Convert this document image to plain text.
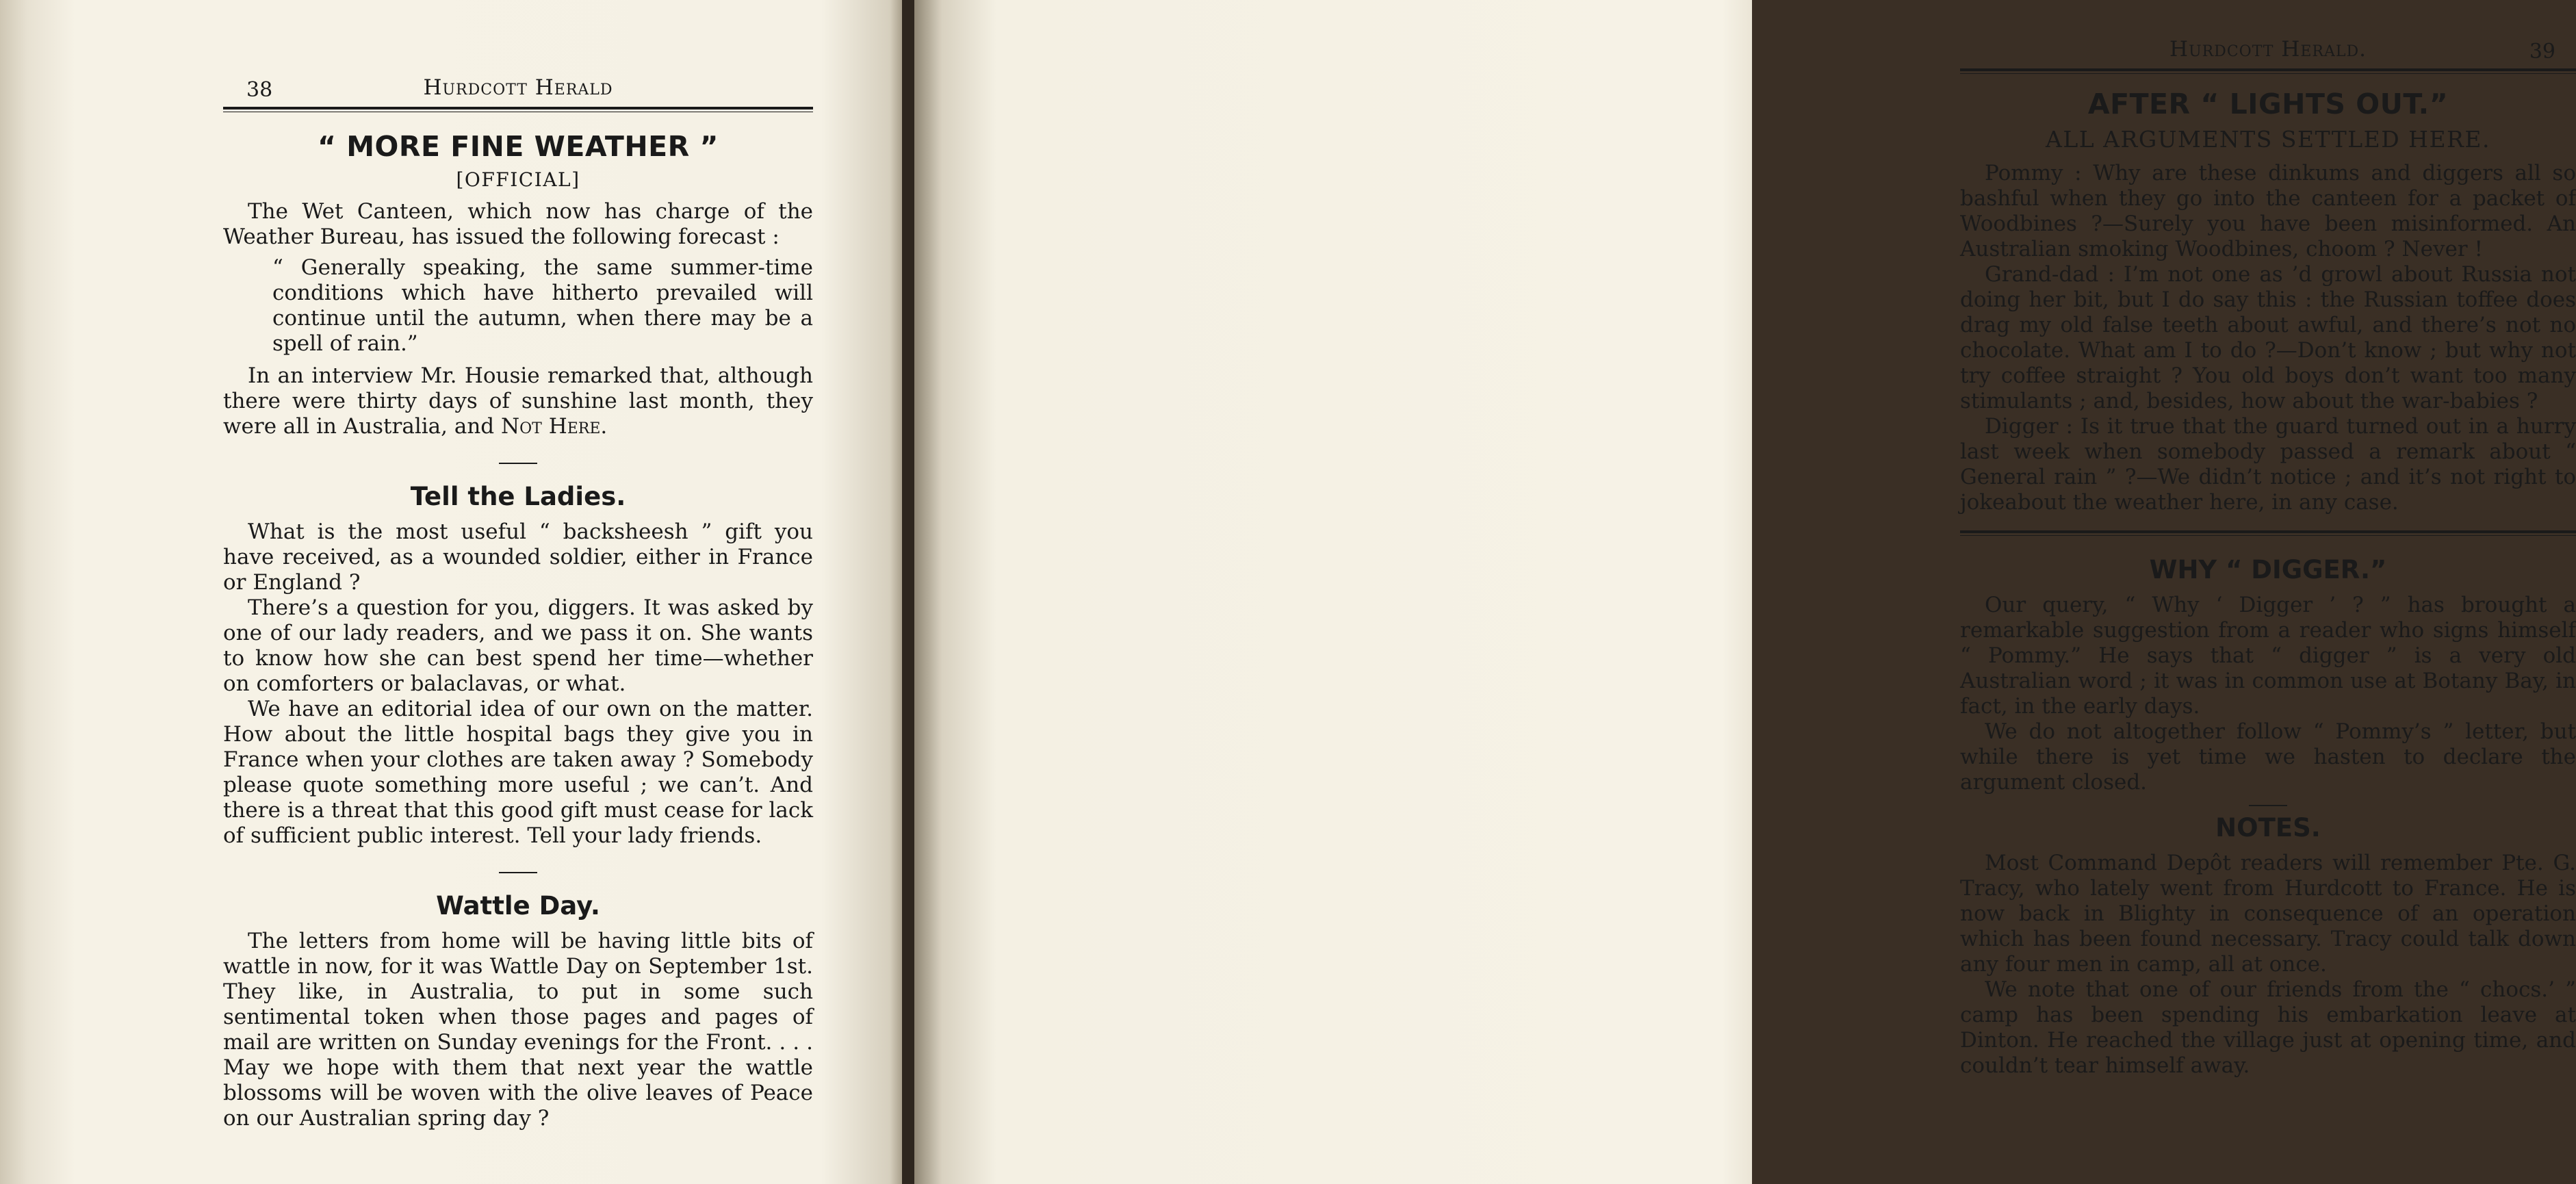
38	Hurdcott Herald
“ MORE FINE WEATHER ”
[OFFICIAL]

The Wet Canteen, which now has charge of the Weather Bureau, has issued the following forecast :

“ Generally speaking, the same summer-time conditions which have hitherto prevailed will continue until the autumn, when there may be a spell of rain.”

In an interview Mr. Housie remarked that, although there were thirty days of sunshine last month, they were all in Australia, and Not Here.

Tell the Ladies.

What is the most useful “ backsheesh ” gift you have received, as a wounded soldier, either in France or England ?

There’s a question for you, diggers. It was asked by one of our lady readers, and we pass it on. She wants to know how she can best spend her time—whether on comforters or balaclavas, or what.

We have an editorial idea of our own on the matter. How about the little hospital bags they give you in France when your clothes are taken away ? Somebody please quote something more useful ; we can’t. And there is a threat that this good gift must cease for lack of sufficient public interest. Tell your lady friends.

Wattle Day.

The letters from home will be having little bits of wattle in now, for it was Wattle Day on September 1st. They like, in Australia, to put in some such sentimental token when those pages and pages of mail are written on Sunday evenings for the Front. . . . May we hope with them that next year the wattle blossoms will be woven with the olive leaves of Peace on our Australian spring day ?

Hurdcott Herald.	39
AFTER “ LIGHTS OUT.”
ALL ARGUMENTS SETTLED HERE.

Pommy : Why are these dinkums and diggers all so bashful when they go into the canteen for a packet of Woodbines ?—Surely you have been misinformed. An Australian smoking Woodbines, choom ? Never !

Grand-dad : I’m not one as ’d growl about Russia not doing her bit, but I do say this : the Russian toffee does drag my old false teeth about awful, and there’s not no chocolate. What am I to do ?—Don’t know ; but why not try coffee straight ? You old boys don’t want too many stimulants ; and, besides, how about the war-babies ?

Digger : Is it true that the guard turned out in a hurry last week when somebody passed a remark about “ General rain ” ?—We didn’t notice ; and it’s not right to jokeabout the weather here, in any case.

WHY “ DIGGER.”

Our query, “ Why ‘ Digger ’ ? ” has brought a remarkable suggestion from a reader who signs himself “ Pommy.” He says that “ digger ” is a very old Australian word ; it was in common use at Botany Bay, in fact, in the early days.

We do not altogether follow “ Pommy’s ” letter, but while there is yet time we hasten to declare the argument closed.

NOTES.

Most Command Depôt readers will remember Pte. G. Tracy, who lately went from Hurdcott to France. He is now back in Blighty in consequence of an operation which has been found necessary. Tracy could talk down any four men in camp, all at once.

We note that one of our friends from the “ chocs.’ ” camp has been spending his embarkation leave at Dinton. He reached the village just at opening time, and couldn’t tear himself away.
